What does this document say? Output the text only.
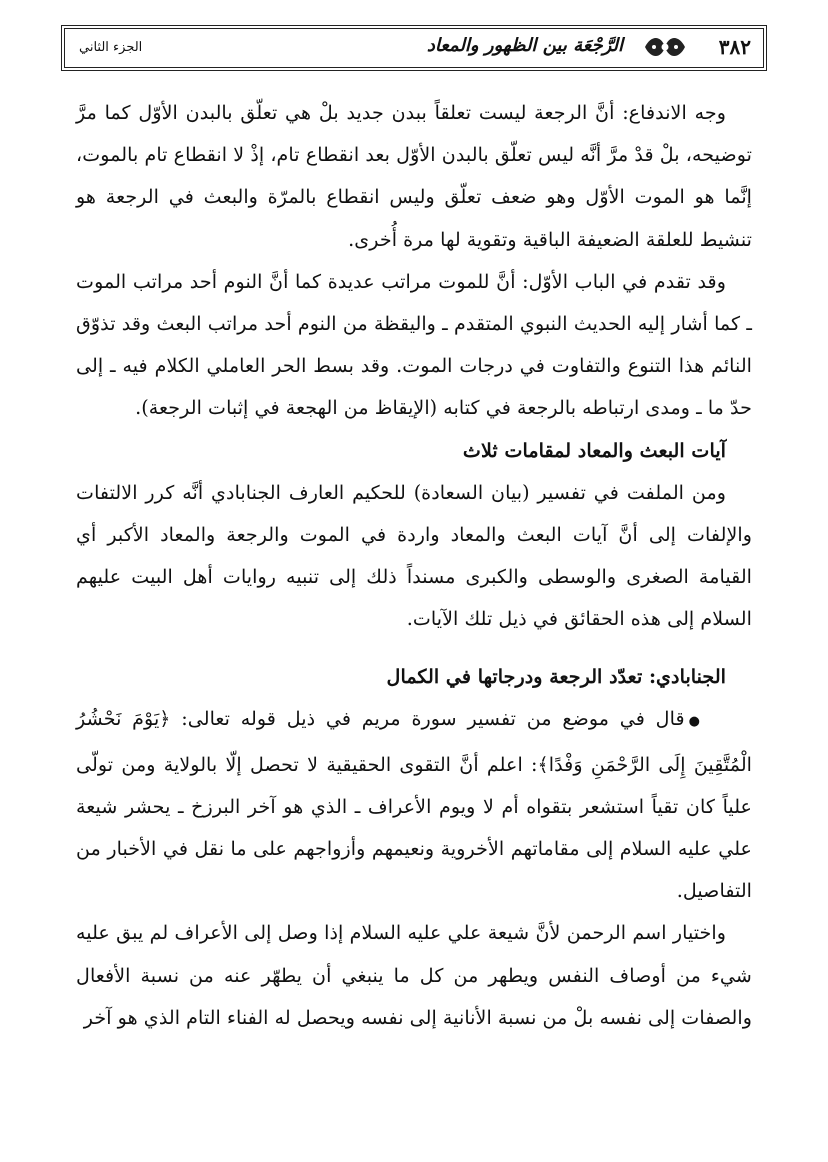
٣٨٢
الرَّجْعَة بين الظهور والمعاد
الجزء الثاني

وجه الاندفاع: أنَّ الرجعة ليست تعلقاً ببدن جديد بلْ هي تعلّق بالبدن الأوّل كما مرَّ توضيحه، بلْ قدْ مرَّ أنَّه ليس تعلّق بالبدن الأوّل بعد انقطاع تام، إذْ لا انقطاع تام بالموت، إنَّما هو الموت الأوّل وهو ضعف تعلّق وليس انقطاع بالمرّة والبعث في الرجعة هو تنشيط للعلقة الضعيفة الباقية وتقوية لها مرة أُخرى.

وقد تقدم في الباب الأوّل: أنَّ للموت مراتب عديدة كما أنَّ النوم أحد مراتب الموت ـ كما أشار إليه الحديث النبوي المتقدم ـ واليقظة من النوم أحد مراتب البعث وقد تذوّق النائم هذا التنوع والتفاوت في درجات الموت. وقد بسط الحر العاملي الكلام فيه ـ إلى حدّ ما ـ ومدى ارتباطه بالرجعة في كتابه (الإيقاظ من الهجعة في إثبات الرجعة).

آيات البعث والمعاد لمقامات ثلاث

ومن الملفت في تفسير (بيان السعادة) للحكيم العارف الجنابادي أنَّه كرر الالتفات والإلفات إلى أنَّ آيات البعث والمعاد واردة في الموت والرجعة والمعاد الأكبر أي القيامة الصغرى والوسطى والكبرى مسنداً ذلك إلى تنبيه روايات أهل البيت عليهم السلام إلى هذه الحقائق في ذيل تلك الآيات.

الجنابادي: تعدّد الرجعة ودرجاتها في الكمال

●قال في موضع من تفسير سورة مريم في ذيل قوله تعالى: ﴿يَوْمَ نَحْشُرُ الْمُتَّقِينَ إِلَى الرَّحْمَنِ وَفْدًا﴾: اعلم أنَّ التقوى الحقيقية لا تحصل إلّا بالولاية ومن تولّى علياً كان تقياً استشعر بتقواه أم لا ويوم الأعراف ـ الذي هو آخر البرزخ ـ يحشر شيعة علي عليه السلام إلى مقاماتهم الأخروية ونعيمهم وأزواجهم على ما نقل في الأخبار من التفاصيل.

واختيار اسم الرحمن لأنَّ شيعة علي عليه السلام إذا وصل إلى الأعراف لم يبق عليه شيء من أوصاف النفس ويطهر من كل ما ينبغي أن يطهّر عنه من نسبة الأفعال والصفات إلى نفسه بلْ من نسبة الأنانية إلى نفسه ويحصل له الفناء التام الذي هو آخر
